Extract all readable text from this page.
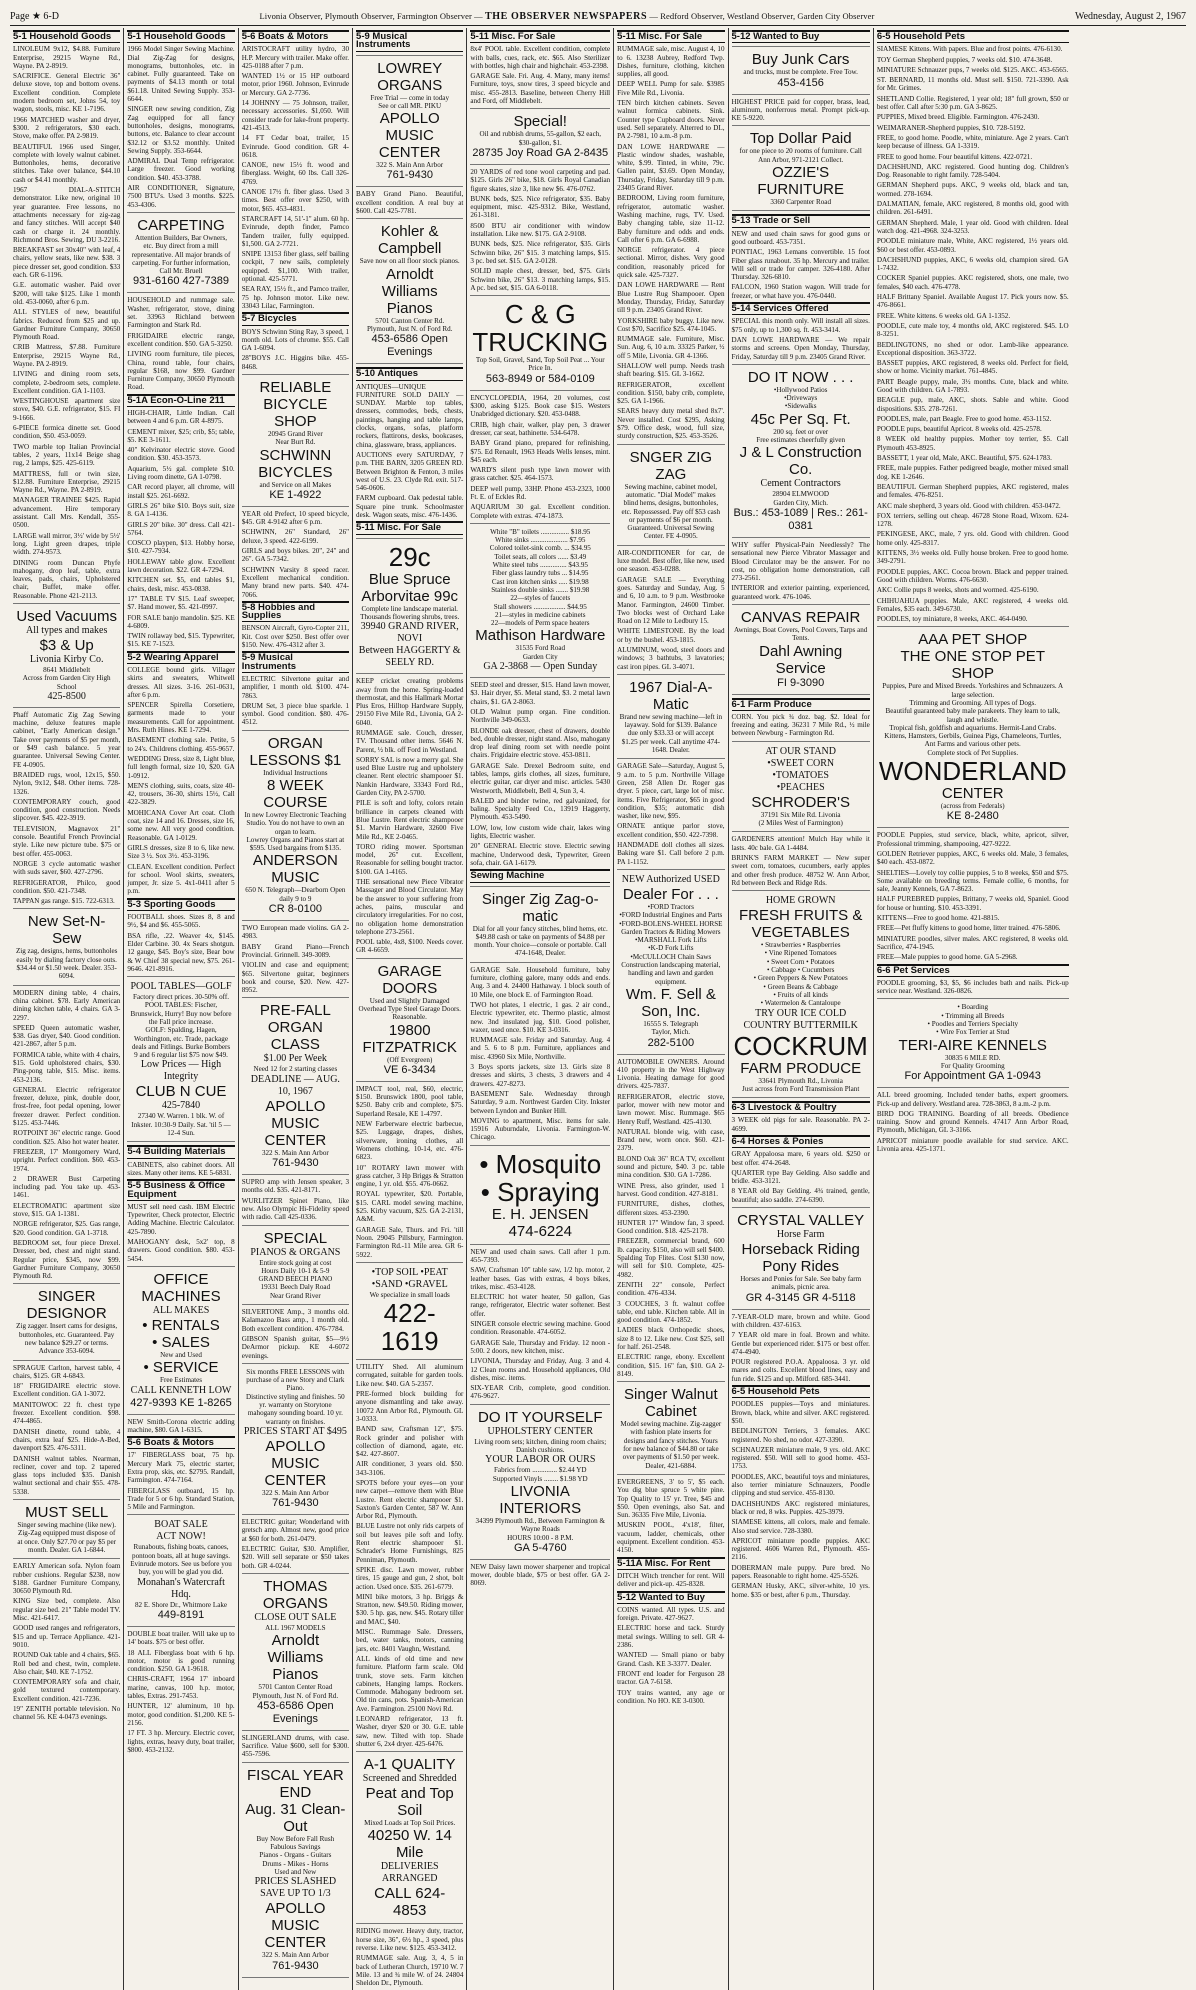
Page ★ 6-D	Livonia Observer, Plymouth Observer, Farmington Observer — THE OBSERVER NEWSPAPERS — Redford Observer, Westland Observer, Garden City Observer	Wednesday, August 2, 1967
5-1 Household Goods
LINOLEUM 9x12, $4.88. Furniture Enterprise, 29215 Wayne Rd., Wayne. PA 2-8919.
SACRIFICE. General Electric 36" deluxe stove, top and bottom ovens. Excellent condition. Complete modern bedroom set, Johns 54, toy wagon, stools, misc. KE 1-7196.
1966 MATCHED washer and dryer, $300. 2 refrigerators, $30 each. Stove, make offer. PA 2-9819.
BEAUTIFUL 1966 used Singer, complete with lovely walnut cabinet. Buttonholes, hems, decorative stitches. Take over balance, $44.10 cash or $4.41 monthly.
1967 DIAL-A-STITCH demonstrator. Like new, original 10 year guarantee. Free lessons, no attachments necessary for zig-zag and fancy stitches. Will accept $40 cash or charge it. 24 monthly. Richmond Bros. Sewing, DU 3-2216.
BREAKFAST set 30x40" with leaf, 4 chairs, yellow seats, like new. $38. 3 piece dresser set, good condition. $33 each. GR 6-1196.
G.E. automatic washer. Paid over $200, will take $125. Like 1 month old. 453-0060, after 6 p.m.
ALL STYLES of new, beautiful fabrics. Reduced from $25 and up. Gardner Furniture Company, 30650 Plymouth Road.
CRIB Mattress, $7.88. Furniture Enterprise, 29215 Wayne Rd., Wayne. PA 2-8919.
LIVING and dining room sets, complete, 2-bedroom sets, complete. Excellent condition. GA 1-1103.
WESTINGHOUSE apartment size stove, $40. G.E. refrigerator, $15. FI 9-1666.
6-PIECE formica dinette set. Good condition, $50. 453-0059.
TWO marble top Italian Provincial tables, 2 years, 11x14 Beige shag rug, 2 lamps, $25. 425-6119.
MATTRESS, full or twin size, $12.88. Furniture Enterprise, 29215 Wayne Rd., Wayne. PA 2-8919.
MANAGER TRAINEE $425. Rapid advancement. Hire temporary assistant. Call Mrs. Kendall, 355-0500.
LARGE wall mirror, 3½' wide by 5½' long. Light green drapes, triple width. 274-9573.
DINING room Duncan Phyfe mahogany, drop leaf, table, extra leaves, pads, chairs, Upholstered chair, Buffet, make offer. Reasonable. Phone 421-2113.
Used Vacuums
All types and makes
$3 & Up
Livonia Kirby Co.
8641 Middlebelt
Across from Garden City High School
425-8500
Phaff Automatic Zig Zag Sewing machine, deluxe features maple cabinet, "Early American design." Take over payments of $5 per month, or $49 cash balance. 5 year guarantee. Universal Sewing Center. FE 4-0905.
BRAIDED rugs, wool, 12x15, $50. Nylon, 9x12, $48. Other items. 728-1326.
CONTEMPORARY couch, good condition, good construction. Needs slipcover. $45. 422-3919.
TELEVISION, Magnavox 21" console. Beautiful French Provincial style. Like new picture tube. $75 or best offer. 455-0063.
NORGE 3 cycle automatic washer with suds saver, $60. 427-2796.
REFRIGERATOR, Philco, good condition. $50. 421-7348.
TAPPAN gas range. $15. 722-6313.
New Set-N-Sew
Zig zag, designs, hems, buttonholes easily by dialing factory close outs. $34.44 or $1.50 week. Dealer. 353-6094.
MODERN dining table, 4 chairs, china cabinet. $78. Early American dining kitchen table, 4 chairs. GA 3-2297.
SPEED Queen automatic washer, $38. Gas dryer, $40. Good condition. 421-2867, after 5 p.m.
FORMICA table, white with 4 chairs, $15. Gold upholstered chairs, $30. Ping-pong table, $15. Misc. items. 453-2136.
GENERAL Electric refrigerator freezer, deluxe, pink, double door, frost-free, foot pedal opening, lower freezer drawer. Perfect condition. $125. 453-7446.
ROTPOINT 36" electric range. Good condition. $25. Also hot water heater.
FREEZER, 17' Montgomery Ward, upright. Perfect condition. $60. 453-1974.
2 DRAWER Bust Carpeting including pad. You take up. 453-1461.
ELECTROMATIC apartment size stove, $15. GA 1-1381.
NORGE refrigerator, $25. Gas range, $20. Good condition. GA 1-3718.
BEDROOM set, four piece Drexel. Dresser, bed, chest and night stand. Regular price, $345, now $99. Gardner Furniture Company, 30650 Plymouth Rd.
SINGER DESIGNOR
Zig zagger. Insert cams for designs, buttonholes, etc. Guaranteed. Pay new balance $29.27 or terms. Advance 353-6094.
SPRAGUE Carlton, harvest table, 4 chairs, $125. GR 4-6843.
18" FRIGIDAIRE electric stove. Excellent condition. GA 1-3072.
MANITOWOC 22 ft. chest type freezer. Excellent condition. $98. 474-4865.
DANISH dinette, round table, 4 chairs, extra leaf $25. Hide-A-Bed, davenport $25. 476-5311.
DANISH walnut tables. Nearman, recliner, cover and top. 2 tapered glass tops included $35. Danish walnut sectional and chair $55. 478-5338.
MUST SELL
Singer sewing machine (like new). Zig-Zag equipped must dispose of at once. Only $27.70 or pay $5 per month. Dealer. GA 1-6844.
EARLY American sofa. Nylon foam rubber cushions. Regular $238, now $188. Gardner Furniture Company, 30650 Plymouth Rd.
KING Size bed, complete. Also regular size bed. 21" Table model TV. Misc. 421-6417.
GOOD used ranges and refrigerators, $15 and up. Terrace Appliance. 421-9010.
ROUND Oak table and 4 chairs, $65. Roll bed and chest, twin, complete. Also chair, $40. KE 7-1752.
CONTEMPORARY sofa and chair, gold textured contemporary. Excellent condition. 421-7236.
19" ZENITH portable television. No channel 56. KE 4-0473 evenings.
5-1 Household Goods
1966 Model Singer Sewing Machine. Dial Zig-Zag for designs, monograms, buttonholes, etc. in cabinet. Fully guaranteed. Take on payments of $4.13 month or total $61.18. United Sewing Supply. 353-6644.
SINGER new sewing condition, Zig Zag equipped for all fancy buttonholes, designs, monograms, buttons, etc. Balance to clear account $32.12 or $3.52 monthly. United Sewing Supply. 353-6644.
ADMIRAL Dual Temp refrigerator. Large freezer. Good working condition. $40. 453-3788.
AIR CONDITIONER, Signature, 7500 BTU's. Used 3 months. $225. 453-4306.
CARPETING
Attention Builders, Bar Owners, etc. Buy direct from a mill representative. All major brands of carpeting. For further information, Call Mr. Bruell
931-6160 427-7389
HOUSEHOLD and rummage sale. Washer, refrigerator, stove, dining set. 33963 Richland between Farmington and Stark Rd.
FRIGIDAIRE electric range, excellent condition. $50. GA 5-3250.
LIVING room furniture, tile pieces, China, round table, four chairs, regular $168, now $99. Gardner Furniture Company, 30650 Plymouth Road.
5-1A Econ-O-Line 211
HIGH-CHAIR, Little Indian. Call between 4 and 6 p.m. GR 4-8975.
CEMENT mixer, $25; crib, $5; table, $5. KE 3-1611.
40" Kelvinator electric stove. Good condition. $30. 453-3573.
Aquarium, 5½ gal. complete $10. Living room dinette, GA 1-0798.
CAR record player, all chrome, will install $25. 261-6692.
GIRLS 26" bike $10. Boys suit, size 8. GA 1-4136.
GIRLS 20" bike. 30" dress. Call 421-5764.
COSCO playpen, $13. Hobby horse, $10. 427-7934.
HOLLEWAY table glow. Excellent lawn decoration. $22. GR 4-7294.
KITCHEN set. $5, end tables $1, chairs, desk, misc. 453-0838.
17" TABLE TV $15. Leaf sweeper, $7. Hand mower, $5. 421-0997.
FOR SALE banjo mandolin. $25. KE 4-6809.
TWIN rollaway bed, $15. Typewriter, $15. KE 7-1523.
5-2 Wearing Apparel
COLLEGE bound girls. Villager skirts and sweaters, Whitwell dresses. All sizes. 3-16. 261-0631, after 6 p.m.
SPENCER Spirella Corsetiere, garments made to your measurements. Call for appointment. Mrs. Ruth Hines. KE 1-7294.
BASEMENT clothing sale. Petite, 5 to 24's. Childrens clothing. 455-9657.
WEDDING Dress, size 8, Light blue, full length formal, size 10, $20. GA 1-0912.
MEN'S clothing, suits, coats, size 40-42, trousers, 36-30, shirts 15½, Call 422-3829.
MOHICANA Cover Art coat. Cloth coat, size 14 and 16. Dresses, size 16, some new. All very good condition. Reasonable. GA 1-0129.
GIRLS dresses, size 8 to 6, like new. Size 3 ½. Sox 3½. 453-3196.
CLEAN. Excellent condition. Perfect for school. Wool skirts, sweaters, jumper, Jr. size 5. 4x1-0411 after 5 p.m.
5-3 Sporting Goods
FOOTBALL shoes. Sizes 8, 8 and 9½, $4 and $6. 455-5065.
BSA rifle, .22. Weaver 4x, $145. Elder Carbine. 30. 4x Sears shotgun. 12 gauge, $45. Boy's size, Bear bow & W Chief 38 special new, $75. 261-9646. 421-8916.
POOL TABLES—GOLF
Factory direct prices. 30-50% off. POOL TABLES: Fischer, Brunswick, Hurry! Buy now before the Fall price increase.
GOLF: Spalding, Hagen, Worthington, etc. Trade, package deals and Fitlings. Burke Bombers 9 and 6 regular list $75 now $49.
Low Prices — High Integrity
CLUB N CUE
425-7840
27340 W. Warren. 1 blk. W. of Inkster. 10:30-9 Daily. Sat. 'til 5 — 12-4 Sun.
5-4 Building Materials
CABINETS, also cabinet doors. All sizes. Many other items. KE 5-6831.
5-5 Business & Office Equipment
MUST sell need cash. IBM Electric Typewriter, Check protector, Electric Adding Machine. Electric Calculator. 425-7890.
MAHOGANY desk, 5x2' top, 8 drawers. Good condition. $80. 453-5454.
OFFICE MACHINES
ALL MAKES
• RENTALS
• SALES
New and Used
• SERVICE
Free Estimates
CALL KENNETH LOW
427-9393 KE 1-8265
NEW Smith-Corona electric adding machine, $80. GA 1-6315.
5-6 Boats & Motors
17' FIBERGLASS boat, 75 hp. Mercury Mark 75, electric starter, Extra prop, skis, etc. $2795. Randall, Farmington. 474-7164.
FIBERGLASS outboard, 15 hp. Trade for 5 or 6 hp. Standard Station, 5 Mile and Farmington.
BOAT SALE
ACT NOW!
Runabouts, fishing boats, canoes, pontoon boats, all at huge savings. Evinrude motors. See us before you buy, you will be glad you did.
Monahan's Watercraft Hdq.
82 E. Shore Dr., Whitmore Lake
449-8191
DOUBLE boat trailer. Will take up to 14' boats. $75 or best offer.
18 ALL Fiberglass boat with 6 hp. motor, motor is good running condition. $250. GA 1-9618.
CHRIS-CRAFT, 1964 17' inboard marine, canvas, 100 h.p. motor, tables, Extras. 291-7453.
HUNTER, 12' aluminum, 10 hp. motor, good condition. $1,200. KE 5-2156.
17 FT. 3 hp. Mercury. Electric cover, lights, extras, heavy duty, boat trailer, $800. 453-2132.
5-6 Boats & Motors
ARISTOCRAFT utility hydro, 30 H.P. Mercury with trailer. Make offer. 425-0188 after 7 p.m.
WANTED 1½ or 15 HP outboard motor, prior 1960. Johnson, Evinrude or Mercury. GA 2-7736.
14 JOHNNY — 75 Johnson, trailer, necessary accessories. $1,050. Will consider trade for lake-front property. 421-4513.
14 FT Cedar boat, trailer, 15 Evinrude. Good condition. GR 4-0618.
CANOE, new 15½ ft. wood and fiberglass. Weight, 60 lbs. Call 326-4769.
CANOE 17½ ft. fiber glass. Used 3 times. Best offer over $250, with motor, $65. 453-4831.
STARCRAFT 14, 51'-1" alum. 60 hp. Evinrude, depth finder, Pamco Tandem trailer, fully equipped. $1,500. GA 2-7721.
SNIPE 13153 fiber glass, self bailing cockpit, 7 new sails, completely equipped. $1,100. With trailer, optional. 425-5771.
SEA RAY, 15½ ft., and Pamco trailer, 75 hp. Johnson motor. Like new. 33043 Lilac, Farmington.
5-7 Bicycles
BOYS Schwinn Sting Ray, 3 speed, 1 month old. Lots of chrome. $55. Call GA 1-6094.
28"BOYS J.C. Higgins bike. 455-8468.
RELIABLE
BICYCLE SHOP
20945 Grand River
Near Burt Rd.
SCHWINN BICYCLES
and Service on all Makes
KE 1-4922
YEAR old Prefect, 10 speed bicycle, $45. GR 4-9142 after 6 p.m.
SCHWINN, 26" Standard, 26" deluxe, 3 speed. 422-6199.
GIRLS and boys bikes. 20", 24" and 26". GA 5-7342.
SCHWINN Varsity 8 speed racer. Excellent mechanical condition. Many brand new parts. $40. 474-7066.
5-8 Hobbies and Supplies
BENSON Aircraft, Gyro-Copter 211, Kit. Cost over $250. Best offer over $150. New. 476-4312 after 3.
5-9 Musical Instruments
ELECTRIC Silvertone guitar and amplifier, 1 month old. $100. 474-7863.
DRUM Set, 3 piece blue sparkle. 1 symbol. Good condition. $80. 476-4512.
ORGAN LESSONS $1
Individual Instructions
8 WEEK COURSE
In new Lowrey Electronic Teaching Studio. You do not have to own an organ to learn.
Lowrey Organs and Pianos start at $595. Used bargains from $135.
ANDERSON MUSIC
650 N. Telegraph—Dearborn Open daily 9 to 9
CR 8-0100
TWO European made violins. GA 2-4983.
BABY Grand Piano—French Provincial. Grinnell. 349-3089.
VIOLIN and case and equipment; $65. Silvertone guitar, beginners book and course, $20. New. 427-8952.
PRE-FALL
ORGAN CLASS
$1.00 Per Week
Need 12 for 2 starting classes
DEADLINE — AUG. 10, 1967
APOLLO MUSIC CENTER
322 S. Main Ann Arbor
761-9430
SUPRO amp with Jensen speaker, 3 months old. $35. 421-8171.
WURLITZER Spinet Piano, like new. Also Olympic Hi-Fidelity speed with radio. Call 425-0336.
SPECIAL
PIANOS & ORGANS
Entire stock going at cost
Hours Daily 10-1 & 5-9
GRAND BEECH PIANO
19331 Beech Daly Road
Near Grand River
SILVERTONE Amp., 3 months old. Kalamazoo Bass amp., 1 month old. Both excellent condition. 476-7784.
GIBSON Spanish guitar, $5—9½ DeArmor pickup. KE 4-6072 evenings.
Six months FREE LESSONS with purchase of a new Story and Clark Piano.
Distinctive styling and finishes. 50 yr. warranty on Storytone mahogany sounding board. 10 yr. warranty on finishes.
PRICES START AT $495
APOLLO MUSIC CENTER
322 S. Main Ann Arbor
761-9430
ELECTRIC guitar; Wonderland with gretsch amp. Almost new, good price at $60 for both. 261-0479.
ELECTRIC Guitar, $30. Amplifier, $20. Will sell separate or $50 takes both. GR 4-0244.
THOMAS ORGANS
CLOSE OUT SALE
ALL 1967 MODELS
Arnoldt Williams Pianos
5701 Canton Center Road
Plymouth, Just N. of Ford Rd.
453-6586 Open Evenings
SLINGERLAND drums, with case. Sacrifice. Value $600, sell for $300. 455-7596.
FISCAL YEAR END
Aug. 31 Clean-Out
Buy Now Before Fall Rush
Fabulous Savings
Pianos - Organs - Guitars
Drums - Mikes - Horns
Used and New
PRICES SLASHED
SAVE UP TO 1/3
APOLLO MUSIC CENTER
322 S. Main Ann Arbor
761-9430
5-9 Musical Instruments
LOWREY ORGANS
Free Trial — come in today
See or call MR. PIKU
APOLLO MUSIC CENTER
322 S. Main Ann Arbor
761-9430
BABY Grand Piano. Beautiful, excellent condition. A real buy at $600. Call 425-7781.
Kohler & Campbell
Save now on all floor stock pianos.
Arnoldt Williams Pianos
5701 Canton Center Rd.
Plymouth, Just N. of Ford Rd.
453-6586 Open Evenings
5-10 Antiques
ANTIQUES—UNIQUE FURNITURE SOLD DAILY — SUNDAY. Marble top tables, dressers, commodes, beds, chests, paintings, hanging and table lamps, clocks, organs, sofas, platform rockers, flattirons, desks, bookcases, china, glassware, brass, appliances.
AUCTIONS every SATURDAY, 7 p.m. THE BARN, 3205 GREEN RD. Between Brighton & Fenton, 3 miles west of U.S. 23. Clyde Rd. exit. 517-546-0606.
FARM cupboard. Oak pedestal table. Square pine trunk. Schoolmaster desk. Wagon seats, misc. 476-1436.
5-11 Misc. For Sale
29c
Blue Spruce
Arborvitae 99c
Complete line landscape material. Thousands flowering shrubs, trees.
39940 GRAND RIVER, NOVI
Between HAGGERTY & SEELY RD.
KEEP cricket creating problems away from the home. Spring-loaded thermostat, and this Hallmark Mortar Plus Eros, Hilltop Hardware Supply, 29150 Five Mile Rd., Livonia, GA 2-6040.
RUMMAGE sale. Couch, dresser, TV. Thousand other items. 5646 N. Parent, ½ blk. off Ford in Westland.
SORRY SAL is now a merry gal. She used Blue Lustre rug and upholstery cleaner. Rent electric shampooer $1. Nankin Hardware, 33343 Ford Rd., Garden City, PA 2-5700.
PILE is soft and lofty, colors retain brilliance in carpets cleaned with Blue Lustre. Rent electric shampooer $1. Marvin Hardware, 32600 Five Mile Rd., KE 2-0465.
TORO riding mower. Sportsman model, 26" cut. Excellent, Reasonable for selling bought tractor. $100. GA 1-4165.
THE sensational new Piece Vibrator Massager and Blood Circulator. May be the answer to your suffering from aches, pains, muscular and circulatory irregularities. For no cost, no obligation home demonstration telephone 273-2561.
POOL table, 4x8, $100. Needs cover. GR 4-6659.
GARAGE DOORS
Used and Slightly Damaged Overhead Type Steel Garage Doors. Reasonable.
19800 FITZPATRICK
(Off Evergreen)
VE 6-3434
IMPACT tool, real, $60, electric, $150. Brunswick 1800, pool table, $250. Baby crib and complete, $75. Superland Resale, KE 1-4797.
NEW Farberware electric barbecue, $25. Luggage, drapes, dishes, silverware, ironing clothes, all Womens clothing, 10-14, etc. 476-6823.
10" ROTARY lawn mower with grass catcher, 3 Hp Briggs & Stratton engine, 1 yr. old. $55. 476-0662.
ROYAL typewriter, $20. Portable, $15. CARL model sewing machine, $25. Kirby vacuum, $25. GA 2-2131, A&M.
GARAGE Sale, Thurs. and Fri. 'till Noon. 29045 Pillsbury, Farmington. Farmington Rd.-11 Mile area. GR 6-5922.
•TOP SOIL •PEAT
•SAND •GRAVEL
We specialize in small loads
422-1619
UTILITY Shed. All aluminum corrugated, suitable for garden tools. Like new. $40. GA 5-2357.
PRE-formed block building for anyone dismantling and take away. 10072 Ann Arbor Rd., Plymouth. GL 3-0333.
BAND saw, Craftsman 12", $75. Rock grinder and polisher with collection of diamond, agate, etc. $42. 427-8607.
AIR conditioner, 3 years old. $50. 343-3106.
SPOTS before your eyes—on your new carpet—remove them with Blue Lustre. Rent electric shampooer $1. Saxton's Garden Center, 587 W. Ann Arbor Rd., Plymouth.
BLUE Lustre not only rids carpets of soil but leaves pile soft and lofty. Rent electric shampooer $1. Schrader's Home Furnishings, 825 Penniman, Plymouth.
SPIKE disc. Lawn mower, rubber tires, 15 gauge and gun, 2 shot, bolt action. Used once. $35. 261-6779.
MINI bike motors, 3 hp. Briggs & Stratton, new. $49.50. Riding mower, $30. 5 hp. gas, new. $45. Rotary tiller and MAC, $40.
MISC. Rummage Sale. Dressers, bed, water tanks, motors, canning jars, etc. 8401 Vaughn, Westland.
ALL kinds of old time and new furniture. Platform farm scale. Old trunk, stove sets. Farm kitchen cabinets, Hanging lamps. Rockers. Commode. Mahogany bedroom set. Old tin cans, pots. Spanish-American Ave. Farmington. 25100 Novi Rd.
LEONARD refrigerator, 13 ft. Washer, dryer $20 or 30. G.E. table saw, new. Tilted with top. Shade shutter 6, 2x4 dryer. 425-6476.
A-1 QUALITY
Screened and Shredded
Peat and Top Soil
Mixed Loads at Top Soil Prices.
40250 W. 14 Mile
DELIVERIES ARRANGED
CALL 624-4853
RIDING mower. Heavy duty, tractor, horse size, 36", 6½ hp., 3 speed, plus reverse. Like new. $125. 453-3412.
RUMMAGE sale. Aug. 3, 4, 5 in back of Lutheran Church, 19710 W. 7 Mile. 13 and ¾ mile W. of 24. 24804 Sheldon Dr., Plymouth.
5-11 Misc. For Sale
8x4' POOL table. Excellent condition, complete with balls, cues, rack, etc. $65. Also Sterilizer with bottles, high chair and highchair. 453-2398.
GARAGE Sale. Fri. Aug. 4. Many, many items! Furniture, toys, snow tires, 3 speed bicycle and misc. 455-2813. Baseline, between Cherry Hill and Ford, off Middlebelt.
Special!
Oil and rubbish drums, 55-gallon, $2 each, $30-gallon, $1.
28735 Joy Road GA 2-8435
20 YARDS of red tone wool carpeting and pad. $125. Girls 26" bike, $18. Girls Royal Canadian figure skates, size 3, like new $6. 476-0762.
BUNK beds, $25. Nice refrigerator, $35. Baby equipment, misc. 425-9312. Bike, Westland, 261-3181.
8500 BTU air conditioner with window installation. Like new. $175. GA 2-9108.
BUNK beds, $25. Nice refrigerator, $35. Girls Schwinn bike, 26" $15. 3 matching lamps, $15. 3 pc. bed set. $15. GA 2-0128.
SOLID maple chest, dresser, bed, $75. Girls Schwinn bike, 26" $13. 3 matching lamps, $15. A pc. bed set, $15. GA 6-0118.
C & G TRUCKING
Top Soil, Gravel, Sand, Top Soil Peat ... Your Price In.
563-8949 or 584-0109
ENCYCLOPEDIA, 1964, 20 volumes, cost $300, asking $125. Book case $15. Westers Unabridged dictionary. $20. 453-0488.
CRIB, high chair, walker, play pen, 3 drawer dresser, car seat, bathinette. 534-6478.
BABY Grand piano, prepared for refinishing, $75. Ed Renault, 1963 Heads Wells lenses, mint. $45 each.
WARD'S silent push type lawn mower with grass catcher. $25. 464-1573.
DEEP well pump, 33HP. Phone 453-2323, 1000 Ft. E. of Eckles Rd.
AQUARIUM 30 gal. Excellent condition. Complete with extras. 474-1873.
White "B" toilets ................ $18.95
White sinks ..................... $7.95
Colored toilet-sink comb. ... $34.95
Toilet seats, all colors ...... $3.49
White steel tubs ............... $43.95
Fiber glass laundry tubs ... $14.95
Cast iron kitchen sinks ..... $19.98
Stainless double sinks ....... $19.98
22—styles of faucets
Stall showers .................. $44.95
21—styles in medicine cabinets
22—models of Perm space heaters
Mathison Hardware
31535 Ford Road
Garden City
GA 2-3868 — Open Sunday
SEED steel and dresser, $15. Hand lawn mower, $3. Hair dryer, $5. Metal stand, $3. 2 metal lawn chairs, $1. GA 2-8063.
OLD Walnut pump organ. Fine condition. Northville 349-0633.
BLONDE oak dresser, chest of drawers, double bed, double dresser, night stand. Also, mahogany drop leaf dining room set with needle point chairs. Frigidaire electric stove. 453-0811.
GARAGE Sale. Drexel Bedroom suite, end tables, lamps, girls clothes, all sizes, furniture, electric guitar, car dryer and misc. articles. 5430 Westworth, Middlebelt, Bell 4, Sun 3, 4.
BALED and binder twine, red galvanized, for baling. Specialty Feed Co., 13919 Haggerty, Plymouth. 453-5490.
LOW, low, low custom wide chair, lakes wing lights, Electric washer.
20" GENERAL Electric stove. Electric sewing machine, Underwood desk, Typewriter, Green sofa, chair. GA 1-6179.
Sewing Machine
Singer Zig Zag-o-matic
Dial for all your fancy stitches, blind hems, etc. $49.88 cash or take on payments of $4.88 per month. Your choice—console or portable. Call 474-1648, Dealer.
GARAGE Sale. Household furniture, baby furniture, clothing galore, many odds and ends. Aug. 3 and 4. 24400 Hathaway. 1 block south of 10 Mile, one block E. of Farmington Road.
TWO hot plates, 1 electric, 1 gas. 2 air cond., Electric typewriter, etc. Thermo plastic, almost new. 3nd insulated jug, $10. Good polisher, waxer, used once. $10. KE 3-0316.
RUMMAGE sale. Friday and Saturday. Aug. 4 and 5. 6 to 8 p.m. Furniture, appliances and misc. 43960 Six Mile, Northville.
3 Boys sports jackets, size 13. Girls size 8 dresses and skirts, 3 chests, 3 drawers and 4 drawers. 427-8273.
BASEMENT Sale. Wednesday through Saturday, 9 a.m. Northwest Garden City. Inkster between Lyndon and Bunker Hill.
MOVING to apartment, Misc. items for sale. 15916 Auburndale, Livonia. Farmington-W. Chicago.
• Mosquito
• Spraying
E. H. JENSEN
474-6224
NEW and used chain saws. Call after 1 p.m. 455-7393.
SAW, Craftsman 10" table saw, 1/2 hp. motor, 2 leather bases. Gas with extras, 4 boys bikes, trikes, misc. 453-4128.
ELECTRIC hot water heater, 50 gallon, Gas range, refrigerator, Electric water softener. Best offer.
SINGER console electric sewing machine. Good condition. Reasonable. 474-6052.
GARAGE Sale, Thursday and Friday. 12 noon - 5:00. 2 doors, new kitchen, misc.
LIVONIA, Thursday and Friday, Aug. 3 and 4. 12 Clean rooms and. Household appliances, Old dishes, misc. items.
SIX-YEAR Crib, complete, good condition. 476-9627.
DO IT YOURSELF
UPHOLSTERY CENTER
Living room sets; kitchen, dining room chairs; Danish cushions.
YOUR LABOR OR OURS
Fabrics from .............. $2.44 YD
Supported Vinyls ........ $1.98 YD
LIVONIA INTERIORS
34399 Plymouth Rd., Between Farmington & Wayne Roads
HOURS 10:00 - 8 P.M.
GA 5-4760
NEW Daisy lawn mower sharpener and tropical mower, double blade, $75 or best offer. GA 2-8069.
5-11 Misc. For Sale
RUMMAGE sale, misc. August 4, 10 to 6. 13238 Aubrey, Redford Twp. Dishes, furniture, clothing, kitchen supplies, all good.
DEEP WELL Pump for sale. $3985 Five Mile Rd., Livonia.
TEN birch kitchen cabinets. Seven walnut formica cabinets. Sink. Counter type Cupboard doors. Never used. Sell separately. Alterred to DL, PA 2-7981, 10 a.m.-8 p.m.
DAN LOWE HARDWARE — Plastic window shades, washable, white, $.99. Tinted, in white, 79c. Gallen paint, $3.69. Open Monday, Thursday, Friday, Saturday till 9 p.m. 23405 Grand River.
BEDROOM, Living room furniture, refrigerator, automatic washer. Washing machine, rugs, TV. Used. Baby changing table, size 11-12. Baby furniture and odds and ends. Call ofter 6 p.m. GA 6-6988.
NORGE refrigerator. 4 piece sectional. Mirror, dishes. Very good condition, reasonably priced for quick sale. 425-7327.
DAN LOWE HARDWARE — Rent Blue Lustre Rug Shampooer. Open Monday, Thursday, Friday, Saturday till 9 p.m. 23405 Grand River.
YORKSHIRE baby buggy. Like new. Cost $70, Sacrifice $25. 474-1045.
RUMMAGE sale. Furniture, Misc. Sun. Aug. 6, 10 a.m. 33325 Parker, ½ off 5 Mile, Livonia. GR 4-1366.
SHALLOW well pump. Needs trash shaft bearing. $15. GL 3-1662.
REFRIGERATOR, excellent condition. $150, baby crib, complete, $25. GA 1-1966.
SEARS heavy duty metal shed 8x7'. Never installed. Cost $295, Asking $79. Office desk, wood, full size, sturdy construction, $25. 453-3526.
SNGER ZIG ZAG
Sewing machine, cabinet model, automatic. "Dial Model" makes blind hems, designs, buttonholes, etc. Repossessed. Pay off $53 cash or payments of $6 per month. Guaranteed. Universal Sewing Center. FE 4-0905.
AIR-CONDITIONER for car, de luxe model. Best offer, like new, used one season. 453-0288.
GARAGE SALE — Everything goes. Saturday and Sunday, Aug. 5 and 6, 10 a.m. to 9 p.m. Westbrooke Manor. Farmington, 24600 Timber. Two blocks west of Orchard Lake Road on 12 Mile to Ledbury 15.
WHITE LIMESTONE. By the load or by the bushel. 453-1815.
ALUMINUM, wood, steel doors and windows; 3 bathtubs, 3 lavatories; cast iron pipes. GL 3-4071.
1967 Dial-A-Matic
Brand new sewing machine—left in layaway. Sold for $139. Balance due only $33.33 or will accept $1.25 per week. Call anytime 474-1648. Dealer.
GARAGE Sale—Saturday, August 5, 9 a.m. to 5 p.m. Northville Village Green, 258 Allen Dr. Roger gas dryer. 5 piece, cart, large lot of misc. items. Five Refrigerator, $65 in good condition, $35; automatic dish washer, like new, $95.
ORNATE antique parlor stove, excellent condition, $50. 422-7398.
HANDMADE doll clothes all sizes. Baking ware $1. Call before 2 p.m. PA 1-1152.
NEW Authorized USED
Dealer For . . .
•FORD Tractors
•FORD Industrial Engines and Parts
•FORD-BOLENS-WHEEL HORSE Garden Tractors & Riding Mowers
•MARSHALL Fork Lifts
•K-D Fork Lifts
•McCULLOCH Chain Saws
Construction landscaping material, handling and lawn and garden equipment.
Wm. F. Sell & Son, Inc.
16555 S. Telegraph
Taylor, Mich.
282-5100
AUTOMOBILE OWNERS. Around 410 property in the West Highway Livonia. Heating damage for good drivers. 425-7837.
REFRIGERATOR, electric stove, parlor, mower with new motor and lawn mower. Misc. Rummage. $65 Henry Ruff, Westland. 425-4130.
NATURAL blonde wig, with case, Brand new, worn once. $60. 421-2379.
BLOND Oak 36" RCA TV, excellent sound and picture, $40. 3 pc. table mina condition. $30. GA 1-7286.
WINE Press, also grinder, used 1 harvest. Good condition. 427-8181.
FURNITURE, dishes, clothes, different sizes. 453-2390.
HUNTER 17" Window fan, 3 speed. Good condition. $18. 425-2178.
FREEZER, commercial brand, 600 lb. capacity. $150, also will sell $400. Spalding Top Flites. Cost $130 now, will sell for $10. Complete, 425-4982.
ZENITH 22" console, Perfect condition. 476-4334.
3 COUCHES, 3 ft. walnut coffee table, end table. Kitchen table. All in good condition. 474-1852.
LADIES black Orthopedic shoes, size 8 to 12. Like new. Cost $25, sell for half. 261-2548.
ELECTRIC range, ebony. Excellent condition, $15. 16" fan, $10. GA 2-8149.
Singer Walnut Cabinet
Model sewing machine. Zig-zagger with fashion plate inserts for designs and fancy stitches. Yours for new balance of $44.80 or take over payments of $1.50 per week. Dealer, 421-6884.
EVERGREENS, 3' to 5', $5 each. You dig blue spruce 5 white pine. Top Quality to 15' yr. Tree, $45 and $50. Open evenings, also Sat. and Sun. 36335 Five Mile, Livonia.
MUSKIN POOL, 4'x18', filter, vacuum, ladder, chemicals, other equipment. Excellent condition. 453-4150.
5-11A Misc. For Rent
DITCH Witch trencher for rent. Will deliver and pick-up. 425-8328.
5-12 Wanted to Buy
COINS wanted. All types. U.S. and foreign. Private. 427-9627.
ELECTRIC horse and tack. Sturdy metal swings. Willing to sell. GR 4-2386.
WANTED — Small piano or baby Grand. Cash. KE 3-3377. Dealer.
FRONT end loader for Ferguson 28 tractor. GA 7-6158.
TOY trains wanted, any age or condition. No HO. KE 3-0300.
5-12 Wanted to Buy
Buy Junk Cars
and trucks, must be complete. Free Tow.
453-4156
HIGHEST PRICE paid for copper, brass, lead, aluminum, nonferrous metal. Prompt pick-up. KE 5-9220.
Top Dollar Paid
for one piece to 20 rooms of furniture. Call Ann Arbor, 971-2121 Collect.
OZZIE'S FURNITURE
3360 Carpenter Road
5-13 Trade or Sell
NEW and used chain saws for good guns or good outboard. 453-7351.
PONTIAC, 1963 Lemans convertible. 15 foot Fiber glass runabout. 35 hp. Mercury and trailer. Will sell or trade for camper. 326-4180. After Thursday. 326-6810.
FALCON, 1960 Station wagon. Will trade for freezer, or what have you. 476-0440.
5-14 Services Offered
SPECIAL this month only. Will install all sizes. $75 only, up to 1,300 sq. ft. 453-3414.
DAN LOWE HARDWARE — We repair storms and screens. Open Monday, Thursday, Friday, Saturday till 9 p.m. 23405 Grand River.
DO IT NOW . . .
•Hollywood Patios
•Driveways
•Sidewalks
45c Per Sq. Ft.
200 sq. feet or over
Free estimates cheerfully given
J & L Construction Co.
Cement Contractors
28904 ELMWOOD
Garden City, Mich.
Bus.: 453-1089 | Res.: 261-0381
WHY suffer Physical-Pain Needlessly? The sensational new Pierce Vibrator Massager and Blood Circulator may be the answer. For no cost, no obligation home demonstration, call 273-2561.
INTERIOR and exterior painting, experienced, guaranteed work. 476-1046.
CANVAS REPAIR
Awnings, Boat Covers, Pool Covers, Tarps and Tents.
Dahl Awning Service
FI 9-3090
6-1 Farm Produce
CORN. You pick ¾ doz. bag. $2. Ideal for freezing and eating. 36231 7 Mile Rd., ½ mile between Newburg - Farmington Rd.
AT OUR STAND
•SWEET CORN
•TOMATOES
•PEACHES
SCHRODER'S
37191 Six Mile Rd. Livonia
(2 Miles West of Farmington)
GARDENERS attention! Mulch Hay while it lasts. 40c bale. GA 1-4484.
BRINK'S FARM MARKET — New super sweet corn, tomatoes, cucumbers, early apples and other fresh produce. 48752 W. Ann Arbor, Rd between Beck and Ridge Rds.
HOME GROWN
FRESH FRUITS & VEGETABLES
• Strawberries • Raspberries
• Vine Ripened Tomatoes
• Sweet Corn • Potatoes
• Cabbage • Cucumbers
• Green Peppers & New Potatoes
• Green Beans & Cabbage
• Fruits of all kinds
• Watermelon & Cantaloupe
TRY OUR ICE COLD COUNTRY BUTTERMILK
COCKRUM
FARM PRODUCE
33641 Plymouth Rd., Livonia
Just across from Ford Transmission Plant
6-3 Livestock & Poultry
3 WEEK old pigs for sale. Reasonable. PA 2-4699.
6-4 Horses & Ponies
GRAY Appaloosa mare, 6 years old. $250 or best offer. 474-2648.
QUARTER type Bay Gelding. Also saddle and bridle. 453-3121.
8 YEAR old Bay Gelding. 4¾ trained, gentle, beautiful; also saddle. 274-6390.
CRYSTAL VALLEY
Horse Farm
Horseback Riding Pony Rides
Horses and Ponies for Sale. See baby farm animals, picnic area.
GR 4-3145 GR 4-5118
7-YEAR-OLD mare, brown and white. Good with children. 437-6163.
7 YEAR old mare in foal. Brown and white. Gentle but experienced rider. $175 or best offer. 474-4940.
POUR registered P.O.A. Appaloosa. 3 yr. old mares and colts. Excellent blood lines, easy and fun ride. $125 and up. Milford. 685-3441.
6-5 Household Pets
POODLES puppies—Toys and miniatures. Brown, black, white and silver. AKC registered. $50.
BEDLINGTON Terriers, 3 females. AKC registered. No shed, no odor. 427-3390.
SCHNAUZER miniature male, 9 yrs. old. AKC registered. $50. Will sell to good home. 453-1753.
POODLES, AKC, beautiful toys and miniatures, also terrier miniature Schnauzers, Poodle clipping and stud service. 455-8130.
DACHSHUNDS AKC registered miniatures, black or red, 8 wks. Puppies. 425-3979.
SIAMESE kittens, all colors, male and female. Also stud service. 728-3380.
APRICOT miniature poodle puppies. AKC registered. 4606 Warren Rd., Plymouth. 455-2116.
DOBERMAN male puppy. Pure bred. No papers. Reasonable to right home. 425-5526.
GERMAN Husky, AKC, silver-white, 10 yrs. home. $35 or best, after 6 p.m., Thursday.
6-5 Household Pets
SIAMESE Kittens. With papers. Blue and frost points. 476-6130.
TOY German Shepherd puppies, 7 weeks old. $10. 474-3648.
MINIATURE Schnauzer pups, 7 weeks old. $125. AKC. 453-6565.
ST. BERNARD, 11 months old. Must sell. $150. 721-3390. Ask for Mr. Grimes.
SHETLAND Collie. Registered, 1 year old; 18" full grown, $50 or best offer. Call after 5:30 p.m. GA 3-8625.
PUPPIES, Mixed breed. Eligible. Farmington. 476-2430.
WEIMARANER-Shepherd puppies, $10. 728-5192.
FREE, to good home. Poodle, white, miniature. Age 2 years. Can't keep because of illness. GA 1-3319.
FREE to good home. Four beautiful kittens. 422-0721.
DACHSHUND, AKC registered. Good hunting dog. Children's Dog. Reasonable to right family. 728-5404.
GERMAN Shepherd pups. AKC, 9 weeks old, black and tan, wormed. 278-1694.
DALMATIAN, female, AKC registered, 8 months old, good with children. 261-6491.
GERMAN Shepherd. Male, 1 year old. Good with children. Ideal watch dog. 421-4968. 324-3253.
POODLE miniature male, White, AKC registered, 1½ years old. $60 or best offer. 453-0893.
DACHSHUND puppies, AKC, 6 weeks old, champion sired. GA 1-7432.
COCKER Spaniel puppies. AKC registered, shots, one male, two females, $40 each. 476-4778.
HALF Brittany Spaniel. Available August 17. Pick yours now. $5. 476-8661.
FREE. White kittens. 6 weeks old. GA 1-1352.
POODLE, cute male toy, 4 months old, AKC registered. $45. LO 8-3251.
BEDLINGTONS, no shed or odor. Lamb-like appearance. Exceptional disposition. 363-3722.
BASSET puppies, AKC registered, 8 weeks old. Perfect for field, show or home. Vicinity market. 761-4845.
PART Beagle puppy, male, 3½ months. Cute, black and white. Good with children. GA 1-7893.
BEAGLE pup, male, AKC, shots. Sable and white. Good dispositions. $35. 278-7261.
POODLES, male, part Beagle. Free to good home. 453-1152.
POODLE pups, beautiful Apricot. 8 weeks old. 425-2578.
8 WEEK old healthy puppies. Mother toy terrier, $5. Call Plymouth 453-8925.
BASSETT, 1 year old, Male, AKC. Beautiful, $75. 624-1783.
FREE, male puppies. Father pedigreed beagle, mother mixed small dog. KE 1-2646.
BEAUTIFUL German Shepherd puppies, AKC registered, males and females. 476-8251.
AKC male shepherd, 3 years old. Good with children. 453-0472.
FOX terriers, selling out cheap. 46728 Stone Road, Wixom. 624-1278.
PEKINGESE, AKC, male, 7 yrs. old. Good with children. Good home only. 425-8317.
KITTENS, 3½ weeks old. Fully house broken. Free to good home. 349-2791.
POODLE puppies, AKC. Cocoa brown. Black and pepper trained. Good with children. Worms. 476-6630.
AKC Collie pups 8 weeks, shots and wormed. 425-6190.
CHIHUAHUA puppies. Male, AKC registered, 4 weeks old. Females, $35 each. 349-6730.
POODLES, toy miniature, 8 weeks, AKC. 464-0490.
AAA PET SHOP
THE ONE STOP PET SHOP
Puppies, Pure and Mixed Breeds. Yorkshires and Schnauzers. A large selection.
Trimming and Grooming. All types of Dogs.
Beautiful guaranteed baby male parakeets. They learn to talk, laugh and whistle.
Tropical fish, goldfish and aquariums. Hermit-Land Crabs.
Kittens, Hamsters, Gerbils, Guinea Pigs, Chameleons, Turtles, Ant Farms and various other pets.
Complete stock of Pet Supplies.
WONDERLAND
CENTER
(across from Federals)
KE 8-2480
POODLE Puppies, stud service, black, white, apricot, silver, Professional trimming, shampooing, 427-9222.
GOLDEN Retriever puppies, AKC, 6 weeks old. Male, 3 females, $40 each. 453-0872.
SHELTIES—Lovely toy collie puppies, 5 to 8 weeks, $50 and $75. Some available on breeding terms. Female collie, 6 months, for sale, Jeanny Kennels, GA 7-8623.
HALF PUREBRED puppies, Brittany, 7 weeks old, Spaniel. Good for house or hunting. $10. 453-3391.
KITTENS—Free to good home. 421-8815.
FREE—Pet fluffy kittens to good home, litter trained. 476-5806.
MINIATURE poodles, silver males. AKC registered, 8 weeks old. Sacrifice, 474-1945.
FREE—Male puppies to good home. GA 5-2968.
6-6 Pet Services
POODLE grooming, $3, $5, $6 includes bath and nails. Pick-up service near. Westland. 326-0826.
• Boarding
• Trimming all Breeds
• Poodles and Terriers Specialty
• Wire Fox Terrier at Stud
TERI-AIRE KENNELS
30835 6 MILE RD.
For Quality Grooming
For Appointment GA 1-0943
ALL breed grooming. Included tender baths, expert groomers. Pick-up and delivery. Westland area. 728-3863, 8 a.m.-2 p.m.
BIRD DOG TRAINING. Boarding of all breeds. Obedience training. Snow and ground Kennels. 47417 Ann Arbor Road, Plymouth, Michigan, GL 3-3166.
APRICOT miniature poodle available for stud service. AKC. Livonia area. 425-1371.
